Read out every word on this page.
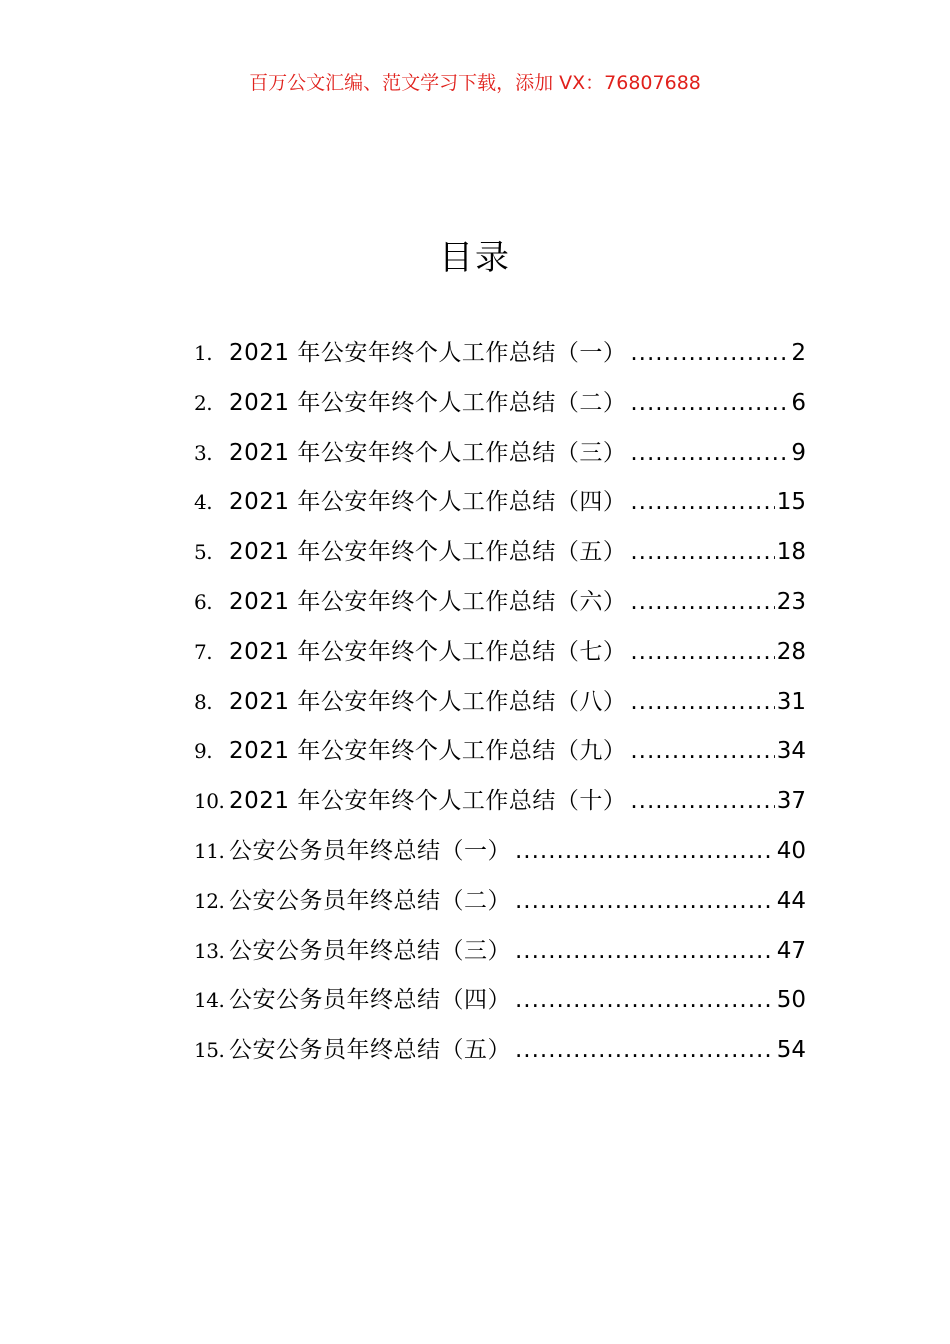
百万公文汇编、范文学习下载，添加 VX：76807688
目录
1. 2021 年公安年终个人工作总结（一） .....	2
2. 2021 年公安年终个人工作总结（二） .....	6
3. 2021 年公安年终个人工作总结（三） .....	9
4. 2021 年公安年终个人工作总结（四） .....	15
5. 2021 年公安年终个人工作总结（五） .....	18
6. 2021 年公安年终个人工作总结（六） .....	23
7. 2021 年公安年终个人工作总结（七） .....	28
8. 2021 年公安年终个人工作总结（八） .....	31
9. 2021 年公安年终个人工作总结（九） .....	34
10. 2021 年公安年终个人工作总结（十） .....	37
11. 公安公务员年终总结（一） .....	40
12. 公安公务员年终总结（二） .....	44
13. 公安公务员年终总结（三） .....	47
14. 公安公务员年终总结（四） .....	50
15. 公安公务员年终总结（五） .....	54
